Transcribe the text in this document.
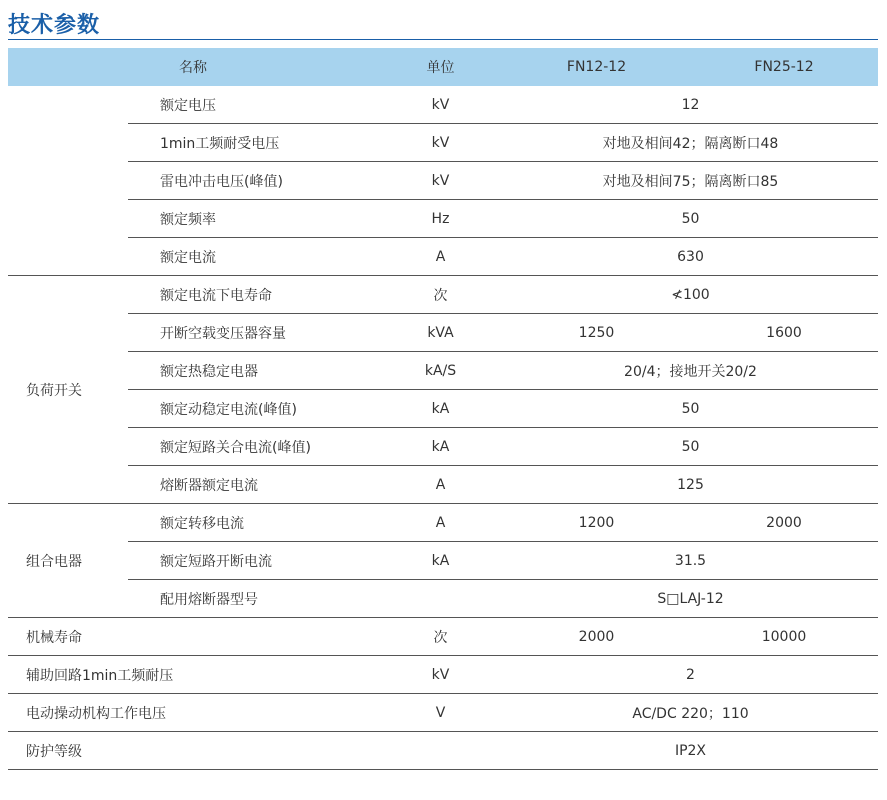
技术参数
名称		单位	FN12-12	FN25-12
	额定电压	kV	12	
	1min工频耐受电压	kV	对地及相间42；隔离断口48	
	雷电冲击电压(峰值)	kV	对地及相间75；隔离断口85	
	额定频率	Hz	50	
	额定电流	A	630	
负荷开关	额定电流下电寿命	次	≮100	
	开断空载变压器容量	kVA	1250	1600
	额定热稳定电器	kA/S	20/4；接地开关20/2	
	额定动稳定电流(峰值)	kA	50	
	额定短路关合电流(峰值)	kA	50	
	熔断器额定电流	A	125	
组合电器	额定转移电流	A	1200	2000
	额定短路开断电流	kA	31.5	
	配用熔断器型号		S□LAJ-12	
机械寿命		次	2000	10000
辅助回路1min工频耐压		kV	2	
电动操动机构工作电压		V	AC/DC 220；110	
防护等级			IP2X	
